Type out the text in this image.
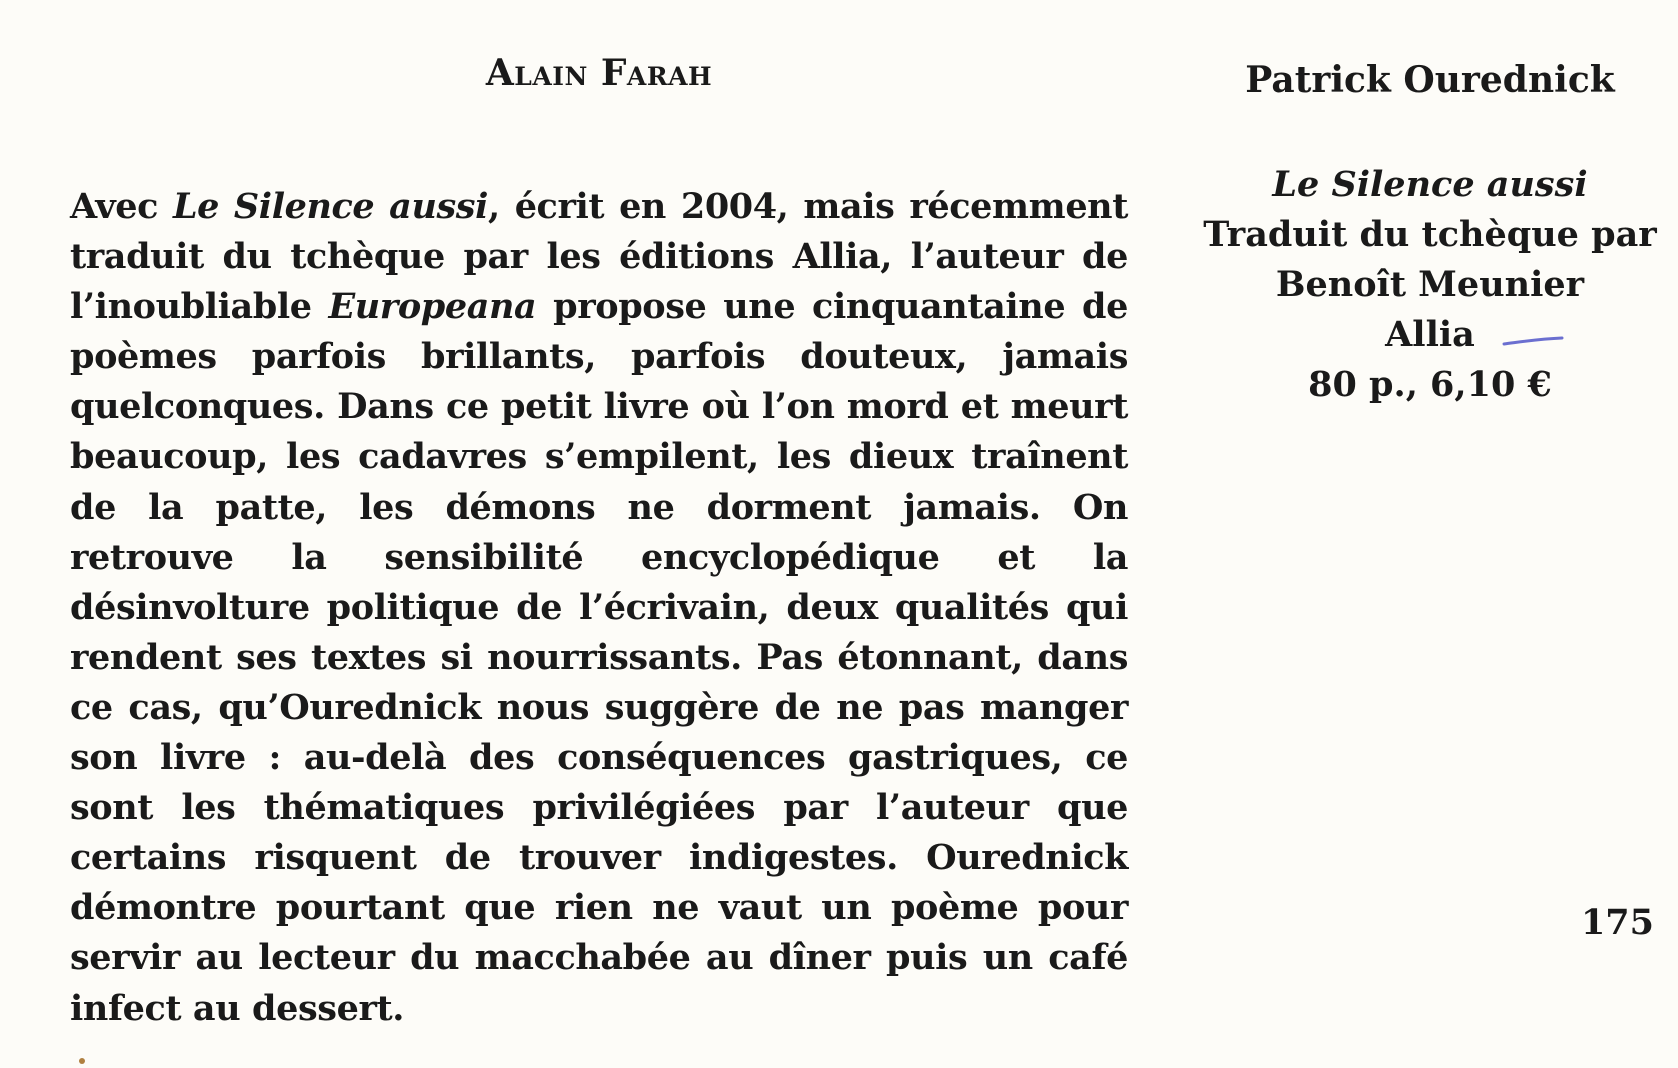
Alain Farah

Avec Le Silence aussi, écrit en 2004, mais récemment traduit du tchèque par les éditions Allia, l’auteur de l’inoubliable Europeana propose une cinquantaine de poèmes parfois brillants, parfois douteux, jamais quelconques. Dans ce petit livre où l’on mord et meurt beaucoup, les cadavres s’empilent, les dieux traînent de la patte, les démons ne dorment jamais. On retrouve la sensibilité encyclopédique et la désinvolture politique de l’écrivain, deux qualités qui rendent ses textes si nourrissants. Pas étonnant, dans ce cas, qu’Ourednick nous suggère de ne pas manger son livre : au-delà des conséquences gastriques, ce sont les thématiques privilégiées par l’auteur que certains risquent de trouver indigestes. Ourednick démontre pourtant que rien ne vaut un poème pour servir au lecteur du macchabée au dîner puis un café infect au dessert.

Patrick Ourednick
Le Silence aussi
Traduit du tchèque par
Benoît Meunier
Allia
80 p., 6,10 €
175
